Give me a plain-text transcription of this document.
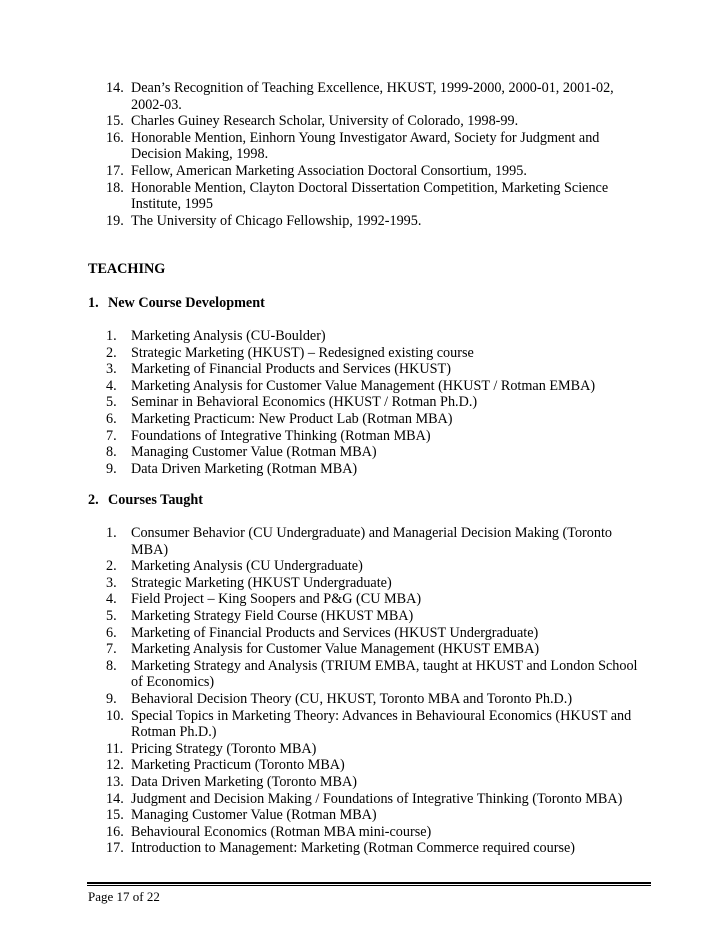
14. Dean’s Recognition of Teaching Excellence, HKUST, 1999-2000, 2000-01, 2001-02, 2002-03.
15. Charles Guiney Research Scholar, University of Colorado, 1998-99.
16. Honorable Mention, Einhorn Young Investigator Award, Society for Judgment and Decision Making, 1998.
17. Fellow, American Marketing Association Doctoral Consortium, 1995.
18. Honorable Mention, Clayton Doctoral Dissertation Competition, Marketing Science Institute, 1995
19. The University of Chicago Fellowship, 1992-1995.
TEACHING
1. New Course Development
1. Marketing Analysis (CU-Boulder)
2. Strategic Marketing (HKUST) – Redesigned existing course
3. Marketing of Financial Products and Services (HKUST)
4. Marketing Analysis for Customer Value Management (HKUST / Rotman EMBA)
5. Seminar in Behavioral Economics (HKUST / Rotman Ph.D.)
6. Marketing Practicum: New Product Lab (Rotman MBA)
7. Foundations of Integrative Thinking (Rotman MBA)
8. Managing Customer Value (Rotman MBA)
9. Data Driven Marketing (Rotman MBA)
2. Courses Taught
1. Consumer Behavior (CU Undergraduate) and Managerial Decision Making (Toronto MBA)
2. Marketing Analysis (CU Undergraduate)
3. Strategic Marketing (HKUST Undergraduate)
4. Field Project – King Soopers and P&G (CU MBA)
5. Marketing Strategy Field Course (HKUST MBA)
6. Marketing of Financial Products and Services (HKUST Undergraduate)
7. Marketing Analysis for Customer Value Management (HKUST EMBA)
8. Marketing Strategy and Analysis (TRIUM EMBA, taught at HKUST and London School of Economics)
9. Behavioral Decision Theory (CU, HKUST, Toronto MBA and Toronto Ph.D.)
10. Special Topics in Marketing Theory: Advances in Behavioural Economics (HKUST and Rotman Ph.D.)
11. Pricing Strategy (Toronto MBA)
12. Marketing Practicum (Toronto MBA)
13. Data Driven Marketing (Toronto MBA)
14. Judgment and Decision Making / Foundations of Integrative Thinking (Toronto MBA)
15. Managing Customer Value (Rotman MBA)
16. Behavioural Economics (Rotman MBA mini-course)
17. Introduction to Management: Marketing (Rotman Commerce required course)
Page 17 of 22
